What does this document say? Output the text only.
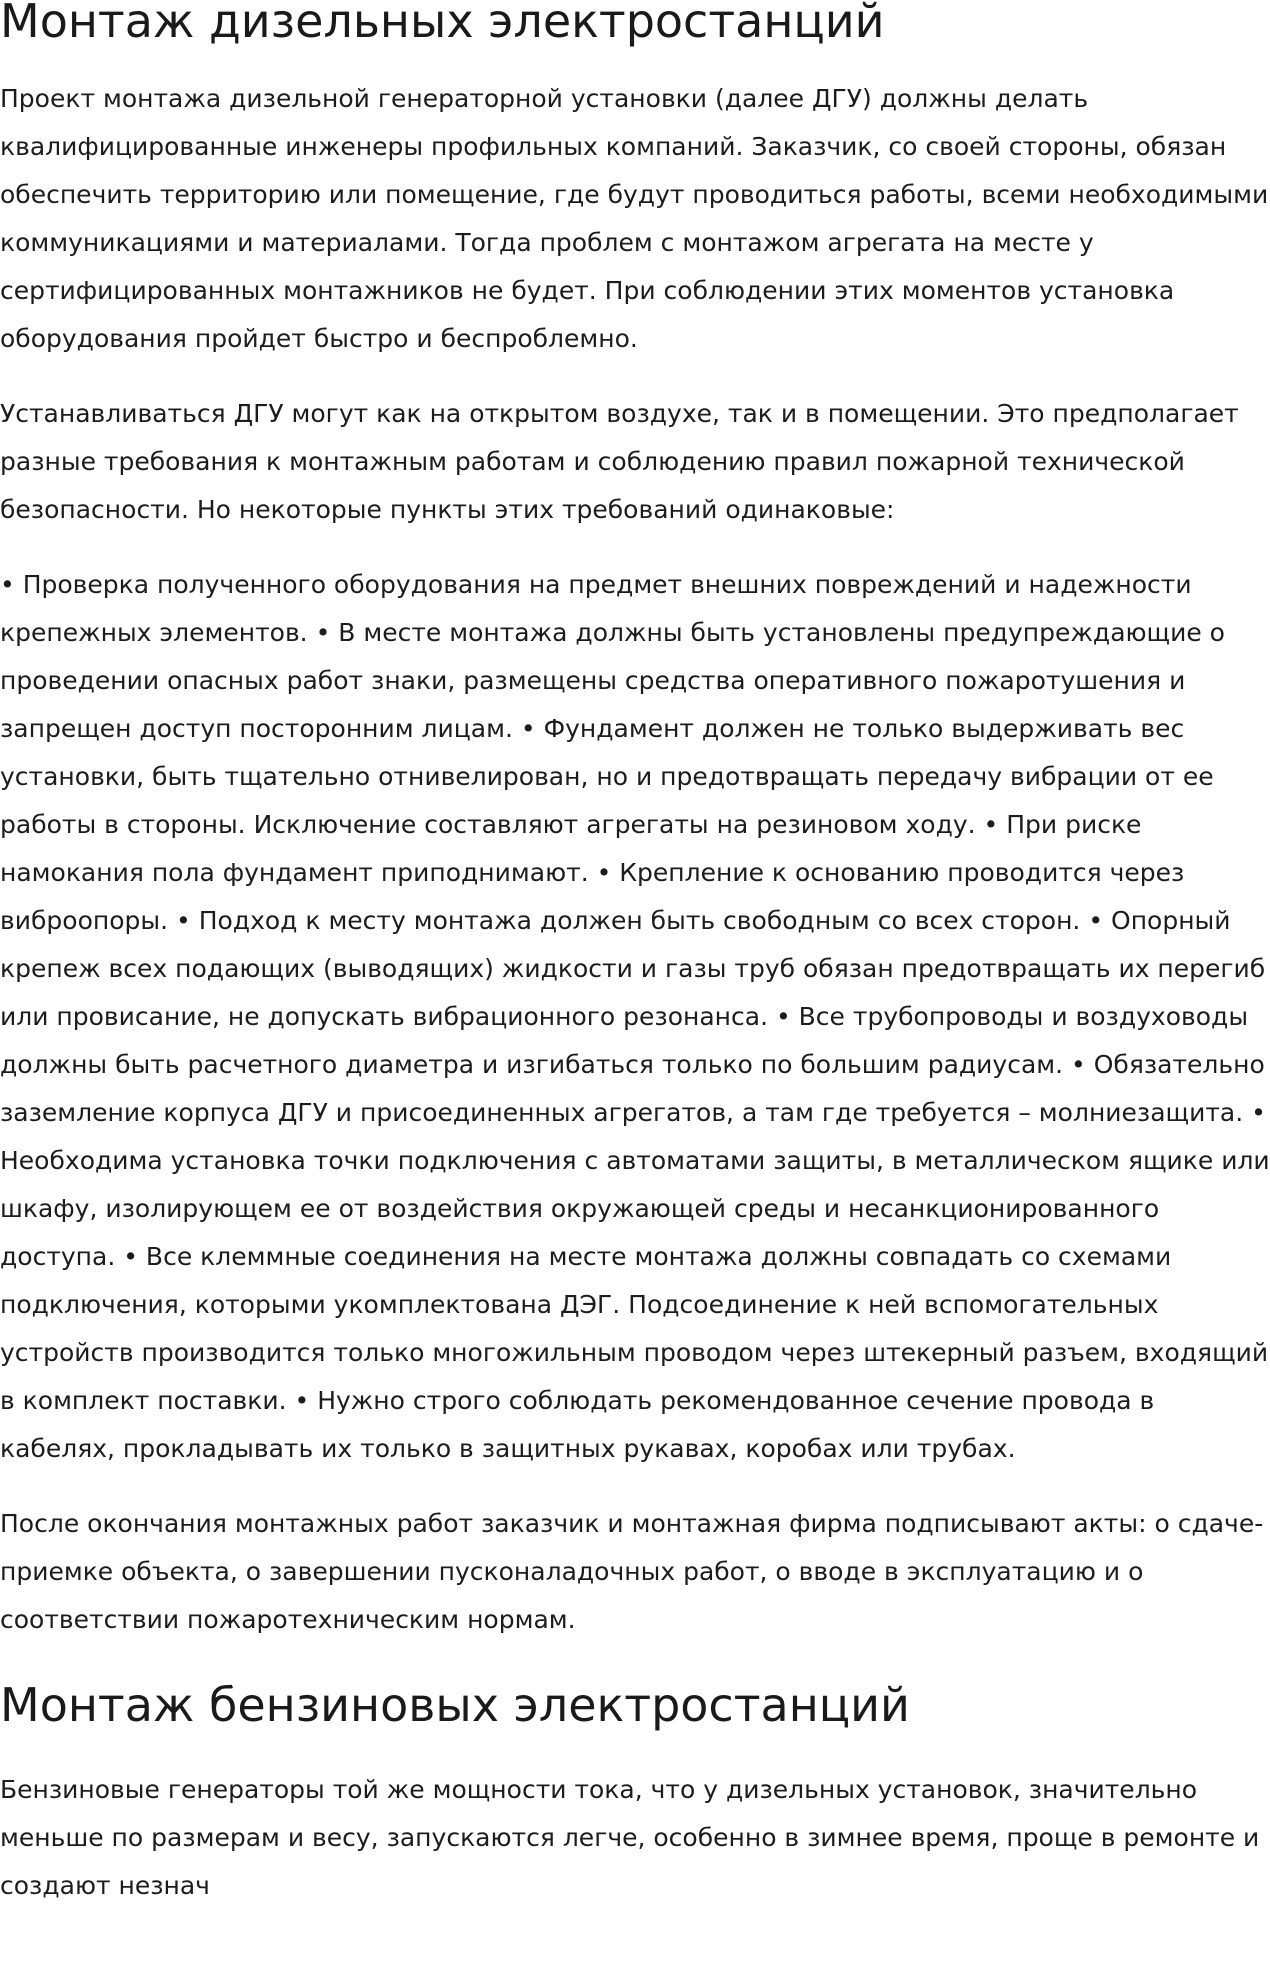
Монтаж дизельных электростанций

Проект монтажа дизельной генераторной установки (далее ДГУ) должны делать квалифицированные инженеры профильных компаний. Заказчик, со своей стороны, обязан обеспечить территорию или помещение, где будут проводиться работы, всеми необходимыми коммуникациями и материалами. Тогда проблем с монтажом агрегата на месте у сертифицированных монтажников не будет. При соблюдении этих моментов установка оборудования пройдет быстро и беспроблемно.

Устанавливаться ДГУ могут как на открытом воздухе, так и в помещении. Это предполагает разные требования к монтажным работам и соблюдению правил пожарной технической безопасности. Но некоторые пункты этих требований одинаковые:

• Проверка полученного оборудования на предмет внешних повреждений и надежности крепежных элементов. • В месте монтажа должны быть установлены предупреждающие о проведении опасных работ знаки, размещены средства оперативного пожаротушения и запрещен доступ посторонним лицам. • Фундамент должен не только выдерживать вес установки, быть тщательно отнивелирован, но и предотвращать передачу вибрации от ее работы в стороны. Исключение составляют агрегаты на резиновом ходу. • При риске намокания пола фундамент приподнимают. • Крепление к основанию проводится через виброопоры. • Подход к месту монтажа должен быть свободным со всех сторон. • Опорный крепеж всех подающих (выводящих) жидкости и газы труб обязан предотвращать их перегиб или провисание, не допускать вибрационного резонанса. • Все трубопроводы и воздуховоды должны быть расчетного диаметра и изгибаться только по большим радиусам. • Обязательно заземление корпуса ДГУ и присоединенных агрегатов, а там где требуется – молниезащита. • Необходима установка точки подключения с автоматами защиты, в металлическом ящике или шкафу, изолирующем ее от воздействия окружающей среды и несанкционированного доступа. • Все клеммные соединения на месте монтажа должны совпадать со схемами подключения, которыми укомплектована ДЭГ. Подсоединение к ней вспомогательных устройств производится только многожильным проводом через штекерный разъем, входящий в комплект поставки. • Нужно строго соблюдать рекомендованное сечение провода в кабелях, прокладывать их только в защитных рукавах, коробах или трубах.

После окончания монтажных работ заказчик и монтажная фирма подписывают акты: о сдаче-приемке объекта, о завершении пусконаладочных работ, о вводе в эксплуатацию и о соответствии пожаротехническим нормам.

Монтаж бензиновых электростанций

Бензиновые генераторы той же мощности тока, что у дизельных установок, значительно меньше по размерам и весу, запускаются легче, особенно в зимнее время, проще в ремонте и создают незнач
